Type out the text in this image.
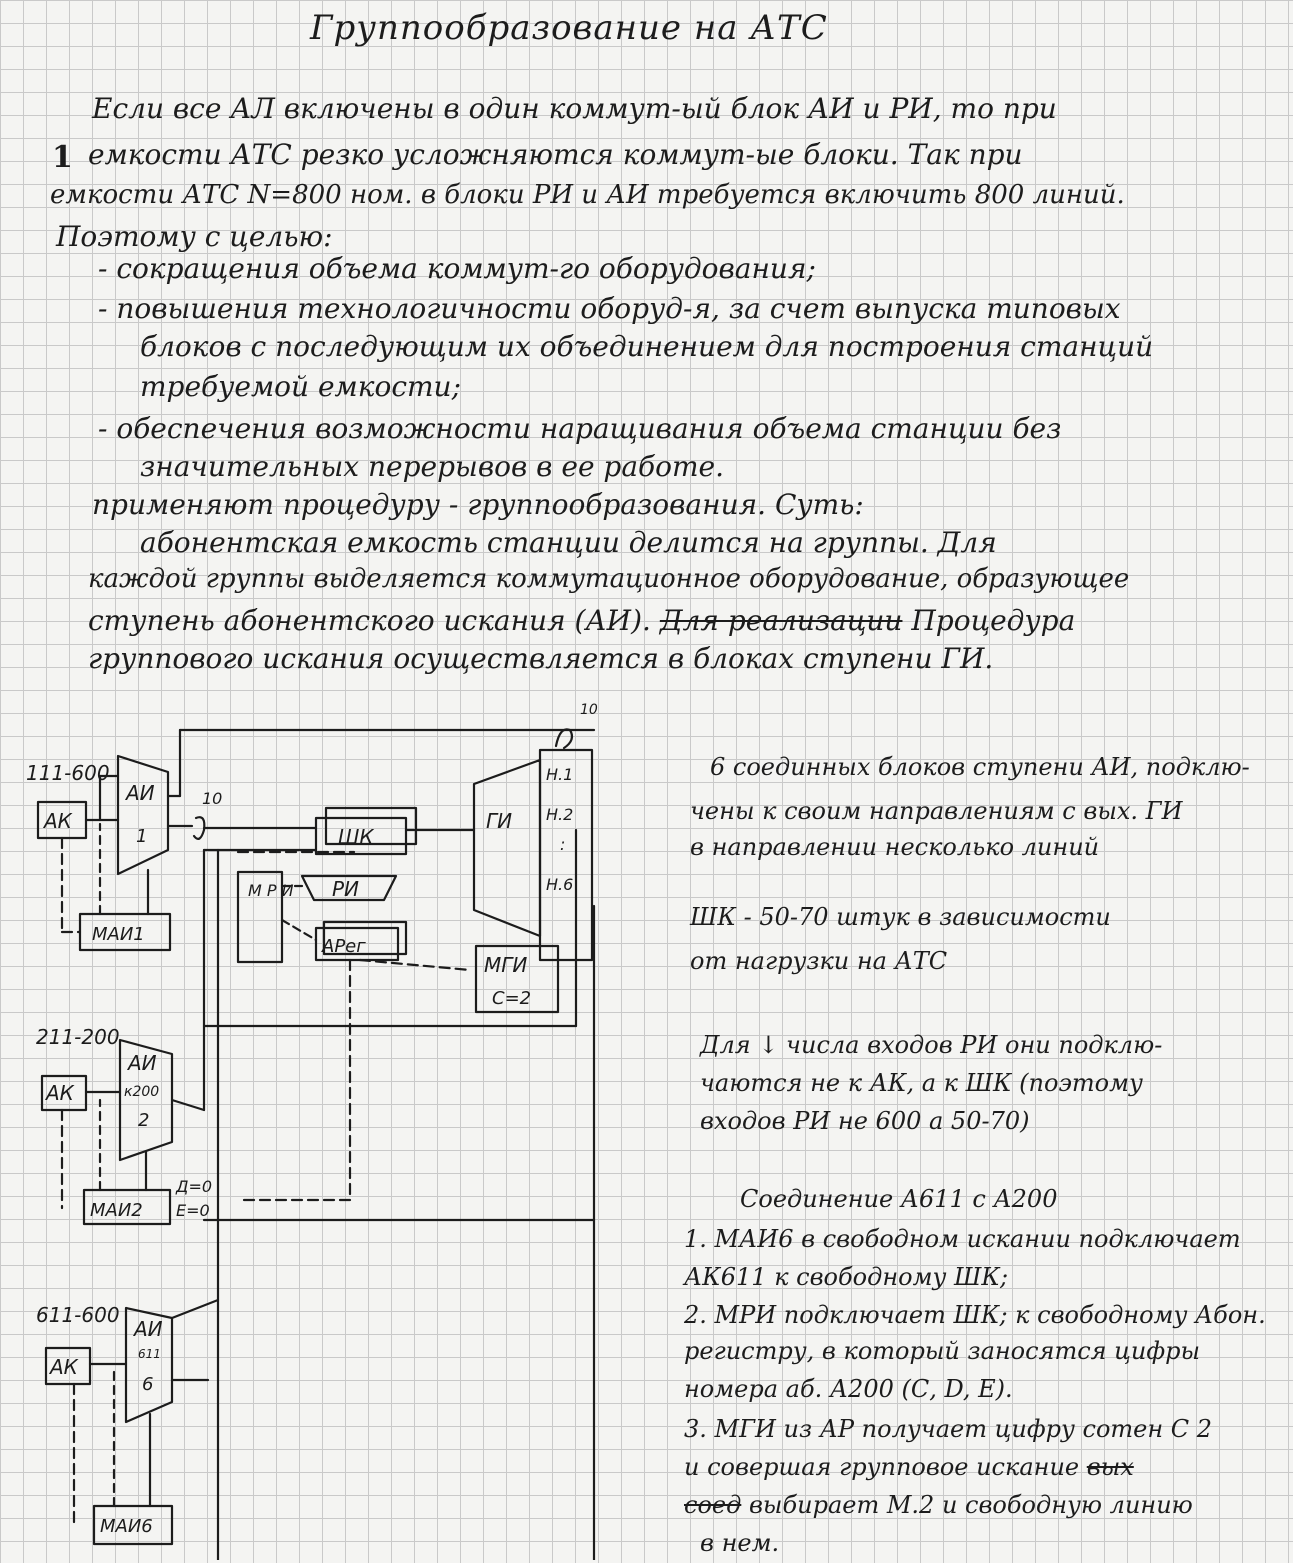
Группообразование на АТС
1
Если все АЛ включены в один коммут-ый блок АИ и РИ, то при
емкости АТС резко усложняются коммут-ые блоки. Так при
емкости АТС N=800 ном. в блоки РИ и АИ требуется включить 800 линий.
Поэтому с целью:
- сокращения объема коммут-го оборудования;
- повышения технологичности оборуд-я, за счет выпуска типовых
блоков с последующим их объединением для построения станций
требуемой емкости;
- обеспечения возможности наращивания объема станции без
значительных перерывов в ее работе.
применяют процедуру - группообразования. Суть:
абонентская емкость станции делится на группы. Для
каждой группы выделяется коммутационное оборудование, образующее
ступень абонентского искания (АИ). Для реализации Процедура
группового искания осуществляется в блоках ступени ГИ.
6 соединных блоков ступени АИ, подклю-
чены к своим направлениям с вых. ГИ
в направлении несколько линий
ШК - 50-70 штук в зависимости
от нагрузки на АТС
Для ↓ числа входов РИ они подклю-
чаются не к АК, а к ШК (поэтому
входов РИ не 600 а 50-70)
Соединение А611 с А200
1. МАИ6 в свободном искании подключает
АК611 к свободному ШК;
2. МРИ подключает ШК; к свободному Абон.
регистру, в который заносятся цифры
номера аб. А200 (С, D, E).
3. МГИ из АР получает цифру сотен С 2
и совершая групповое искание вых
соед выбирает М.2 и свободную линию
в нем.
111-600
АК
АИ
1
10
МАИ1
ШК
РИ
М Р И
АРег
ГИ
Н.1
Н.2
:
Н.6
10
МГИ
С=2
211-200
АК
АИ
к200
2
МАИ2
Д=0
Е=0
611-600
АК
АИ
611
6
МАИ6
